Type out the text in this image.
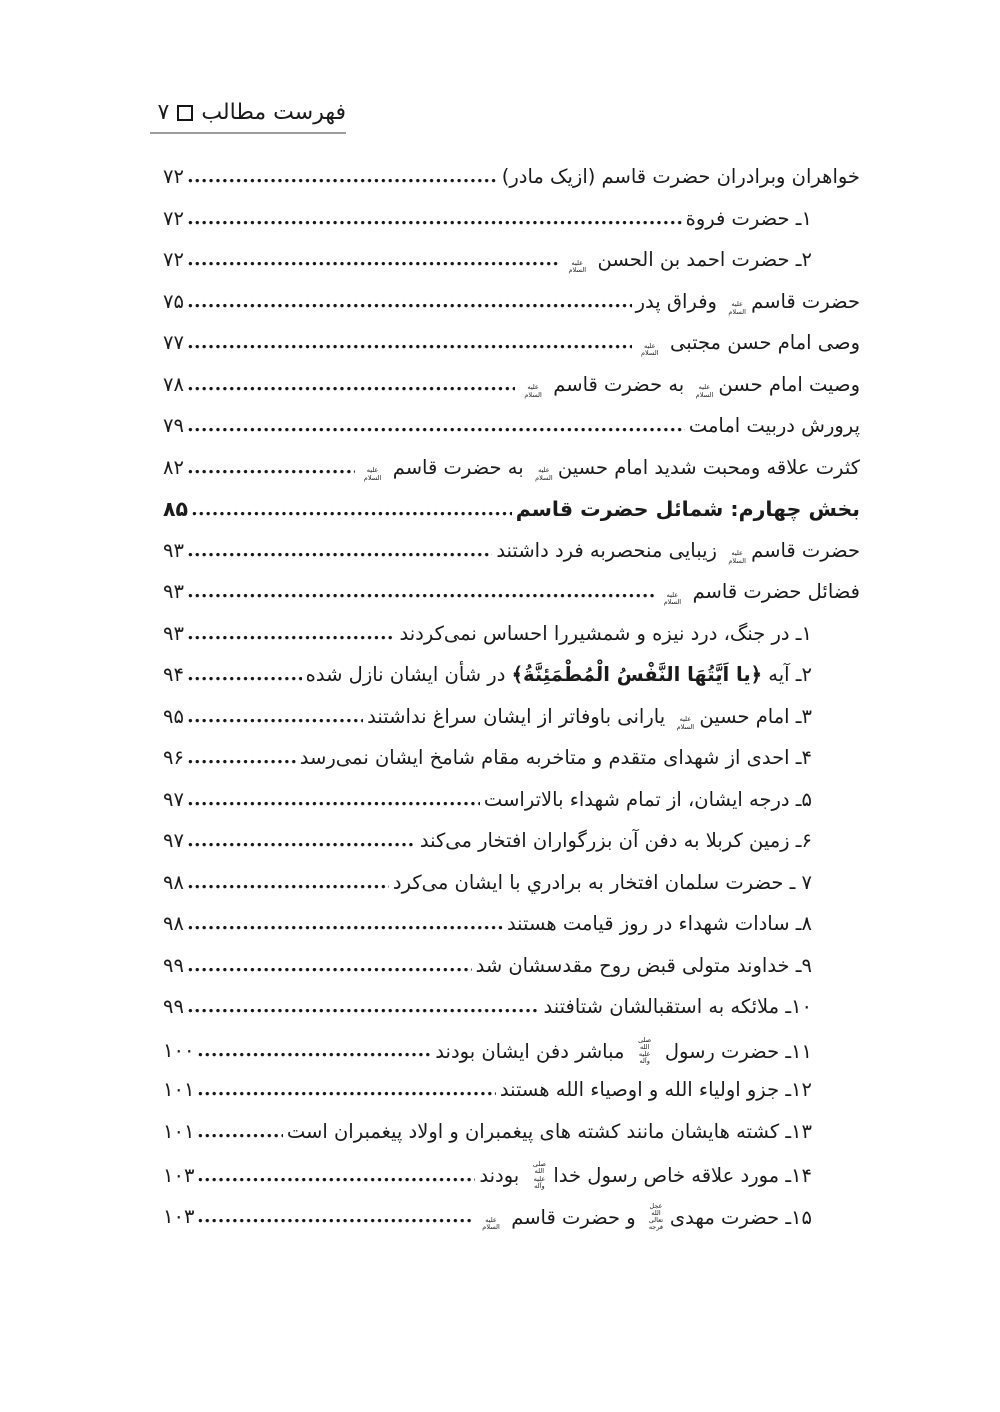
فهرست مطالب
۷
خواهران وبرادران حضرت قاسم (ازیک مادر)
۷۲
۱ـ حضرت فروة
۷۲
۲ـ حضرت احمد بن الحسن علیه السلام
۷۲
حضرت قاسمعلیه السلام وفراق پدر
۷۵
وصی امام حسن مجتبی علیه السلام
۷۷
وصیت امام حسنعلیه السلام به حضرت قاسم علیه السلام
۷۸
پرورش دربیت امامت
۷۹
کثرت علاقه ومحبت شدید امام حسینعلیه السلام به حضرت قاسم علیه السلام
۸۲
بخش چهارم: شمائل حضرت قاسم
۸۵
حضرت قاسمعلیه السلام زیبایی منحصربه فرد داشتند
۹۳
فضائل حضرت قاسم علیه السلام
۹۳
۱ـ در جنگ، درد نیزه و شمشیررا احساس نمی‌کردند
۹۳
۲ـ آیه ﴿یا اَیَّتُهَا النَّفْسُ الْمُطْمَئِنَّةُ﴾ در شأن ایشان نازل شده
۹۴
۳ـ امام حسینعلیه السلام یارانی باوفاتر از ایشان سراغ نداشتند
۹۵
۴ـ احدی از شهدای متقدم و متاخربه مقام شامخ ایشان نمی‌رسد
۹۶
۵ـ درجه ایشان، از تمام شهداء بالاتراست
۹۷
۶ـ زمین کربلا به دفن آن بزرگواران افتخار می‌کند
۹۷
۷ ـ حضرت سلمان افتخار به برادري با ایشان می‌کرد
۹۸
۸ـ سادات شهداء در روز قیامت هستند
۹۸
۹ـ خداوند متولی قبض روح مقدسشان شد
۹۹
۱۰ـ ملائکه به استقبالشان شتافتند
۹۹
۱۱ـ حضرت رسول صلی الله علیه وآله مباشر دفن ایشان بودند
۱۰۰
۱۲ـ جزو اولیاء الله و اوصیاء الله هستند
۱۰۱
۱۳ـ کشته هایشان مانند کشته های پیغمبران و اولاد پیغمبران است
۱۰۱
۱۴ـ مورد علاقه خاص رسول خداصلی الله علیه وآله بودند
۱۰۳
۱۵ـ حضرت مهدیعجل الله تعالی فرجه و حضرت قاسم علیه السلام
۱۰۳
